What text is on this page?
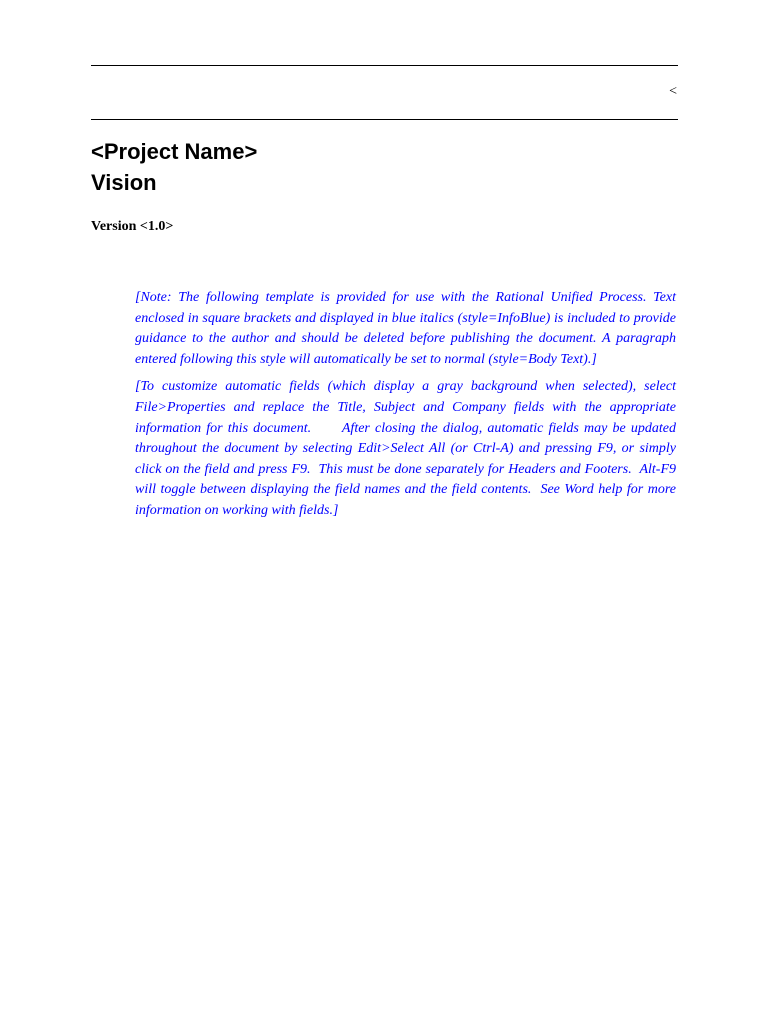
<

<Project Name>

Vision

Version <1.0>

[Note: The following template is provided for use with the Rational Unified Process. Text enclosed in square brackets and displayed in blue italics (style=InfoBlue) is included to provide guidance to the author and should be deleted before publishing the document. A paragraph entered following this style will automatically be set to normal (style=Body Text).]

[To customize automatic fields (which display a gray background when selected), select File>Properties and replace the Title, Subject and Company fields with the appropriate information for this document.      After closing the dialog, automatic fields may be updated throughout the document by selecting Edit>Select All (or Ctrl-A) and pressing F9, or simply click on the field and press F9.  This must be done separately for Headers and Footers.  Alt-F9 will toggle between displaying the field names and the field contents.  See Word help for more information on working with fields.]
